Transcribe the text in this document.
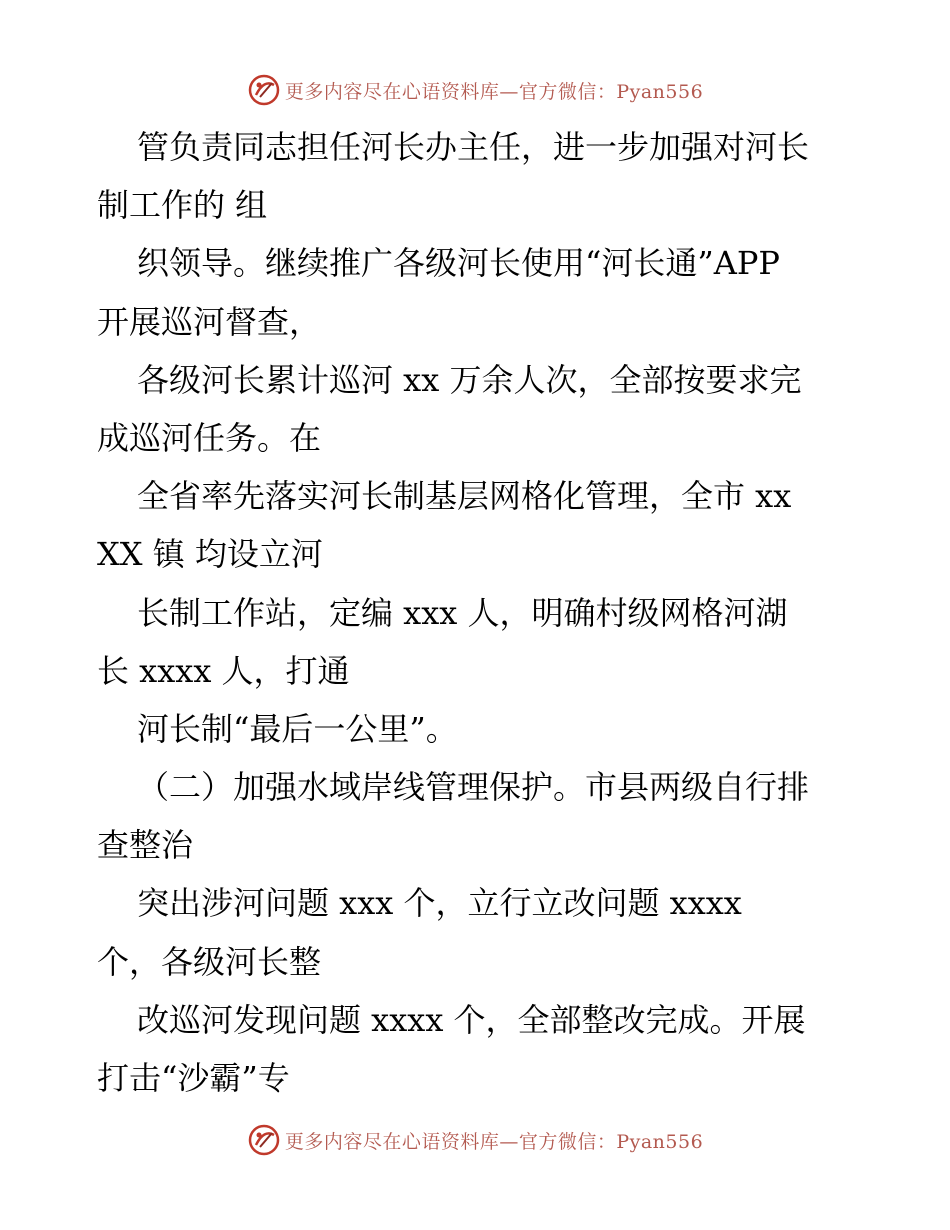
更多内容尽在心语资料库—官方微信：Pyan556
管负责同志担任河长办主任，进一步加强对河长
制工作的 组
织领导。继续推广各级河长使用“河长通”APP
开展巡河督查，
各级河长累计巡河 xx 万余人次，全部按要求完
成巡河任务。在
全省率先落实河长制基层网格化管理，全市 xx
XX 镇 均设立河
长制工作站，定编 xxx 人，明确村级网格河湖
长 xxxx 人，打通
河长制“最后一公里”。
（二）加强水域岸线管理保护。市县两级自行排
查整治
突出涉河问题 xxx 个，立行立改问题 xxxx
个，各级河长整
改巡河发现问题 xxxx 个，全部整改完成。开展
打击“沙霸”专
更多内容尽在心语资料库—官方微信：Pyan556
